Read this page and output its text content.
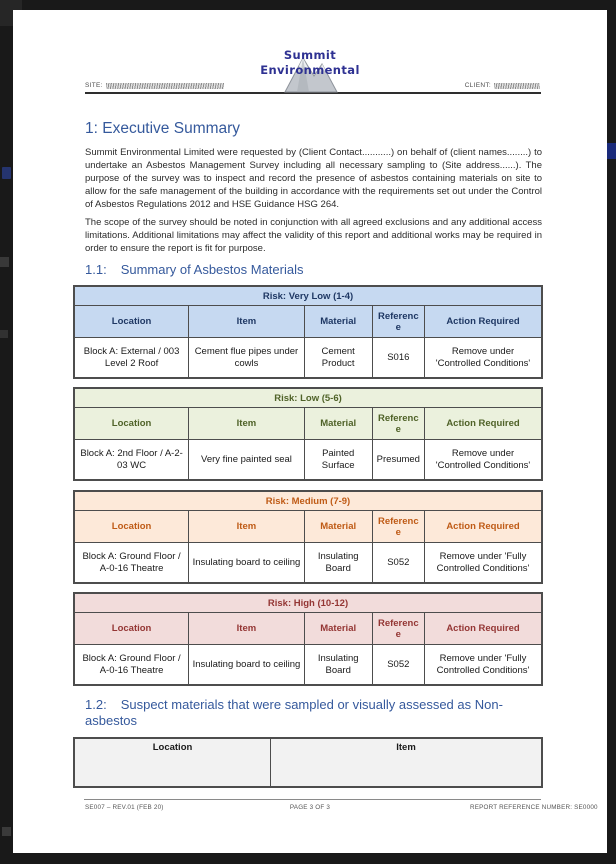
Summit
Environmental
SITE:	CLIENT:
1: Executive Summary
Summit Environmental Limited were requested by (Client Contact...........) on behalf of (client names........) to undertake an Asbestos Management Survey including all necessary sampling to (Site address......). The purpose of the survey was to inspect and record the presence of asbestos containing materials on site to allow for the safe management of the building in accordance with the requirements set out under the Control of Asbestos Regulations 2012 and HSE Guidance HSG 264.
The scope of the survey should be noted in conjunction with all agreed exclusions and any additional access limitations. Additional limitations may affect the validity of this report and additional works may be required in order to ensure the report is fit for purpose.
1.1: Summary of Asbestos Materials
Risk: Very Low (1-4)				
Location	Item	Material	Reference	Action Required
Block A: External / 003 Level 2 Roof	Cement flue pipes under cowls	Cement Product	S016	Remove under 'Controlled Conditions'
Risk: Low (5-6)				
Location	Item	Material	Reference	Action Required
Block A: 2nd Floor / A-2-03 WC	Very fine painted seal	Painted Surface	Presumed	Remove under 'Controlled Conditions'
Risk: Medium (7-9)				
Location	Item	Material	Reference	Action Required
Block A: Ground Floor / A-0-16 Theatre	Insulating board to ceiling	Insulating Board	S052	Remove under 'Fully Controlled Conditions'
Risk: High (10-12)				
Location	Item	Material	Reference	Action Required
Block A: Ground Floor / A-0-16 Theatre	Insulating board to ceiling	Insulating Board	S052	Remove under 'Fully Controlled Conditions'
1.2: Suspect materials that were sampled or visually assessed as Non-asbestos
Location	Item
SE007 – REV.01 (FEB 20)	PAGE 3 OF 3	REPORT REFERENCE NUMBER: SE0000
